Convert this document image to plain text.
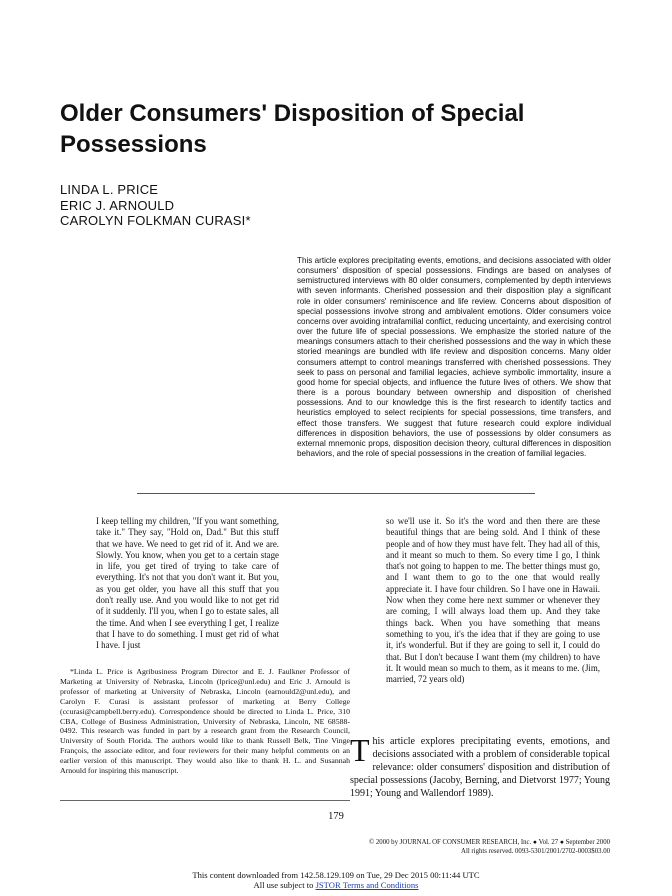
Older Consumers' Disposition of Special Possessions
LINDA L. PRICE
ERIC J. ARNOULD
CAROLYN FOLKMAN CURASI*

This article explores precipitating events, emotions, and decisions associated with older consumers' disposition of special possessions. Findings are based on analyses of semistructured interviews with 80 older consumers, complemented by depth interviews with seven informants. Cherished possession and their disposition play a significant role in older consumers' reminiscence and life review. Concerns about disposition of special possessions involve strong and ambivalent emotions. Older consumers voice concerns over avoiding intrafamilial conflict, reducing uncertainty, and exercising control over the future life of special possessions. We emphasize the storied nature of the meanings consumers attach to their cherished possessions and the way in which these storied meanings are bundled with life review and disposition concerns. Many older consumers attempt to control meanings transferred with cherished possessions. They seek to pass on personal and familial legacies, achieve symbolic immortality, insure a good home for special objects, and influence the future lives of others. We show that there is a porous boundary between ownership and disposition of cherished possessions. And to our knowledge this is the first research to identify tactics and heuristics employed to select recipients for special possessions, time transfers, and effect those transfers. We suggest that future research could explore individual differences in disposition behaviors, the use of possessions by older consumers as external mnemonic props, disposition decision theory, cultural differences in disposition behaviors, and the role of special possessions in the creation of familial legacies.

I keep telling my children, "If you want something, take it." They say, "Hold on, Dad." But this stuff that we have. We need to get rid of it. And we are. Slowly. You know, when you get to a certain stage in life, you get tired of trying to take care of everything. It's not that you don't want it. But you, as you get older, you have all this stuff that you don't really use. And you would like to not get rid of it suddenly. I'll you, when I go to estate sales, all the time. And when I see everything I get, I realize that I have to do something. I must get rid of what I have. I just

so we'll use it. So it's the word and then there are these beautiful things that are being sold. And I think of these people and of how they must have felt. They had all of this, and it meant so much to them. So every time I go, I think that's not going to happen to me. The better things must go, and I want them to go to the one that would really appreciate it. I have four children. So I have one in Hawaii. Now when they come here next summer or whenever they are coming, I will always load them up. And they take things back. When you have something that means something to you, it's the idea that if they are going to use it, it's wonderful. But if they are going to sell it, I could do that. But I don't because I want them (my children) to have it. It would mean so much to them, as it means to me. (Jim, married, 72 years old)

*Linda L. Price is Agribusiness Program Director and E. J. Faulkner Professor of Marketing at University of Nebraska, Lincoln (lprice@unl.edu) and Eric J. Arnould is professor of marketing at University of Nebraska, Lincoln (earnould2@unl.edu), and Carolyn F. Curasi is assistant professor of marketing at Berry College (ccurasi@campbell.berry.edu). Correspondence should be directed to Linda L. Price, 310 CBA, College of Business Administration, University of Nebraska, Lincoln, NE 68588-0492. This research was funded in part by a research grant from the Research Council, University of South Florida. The authors would like to thank Russell Belk, Tine Vinge François, the associate editor, and four reviewers for their many helpful comments on an earlier version of this manuscript. They would also like to thank H. L. and Susannah Arnould for inspiring this manuscript.

This article explores precipitating events, emotions, and decisions associated with a problem of considerable topical relevance: older consumers' disposition and distribution of special possessions (Jacoby, Berning, and Dietvorst 1977; Young 1991; Young and Wallendorf 1989).
179
© 2000 by JOURNAL OF CONSUMER RESEARCH, Inc. ● Vol. 27 ● September 2000
All rights reserved. 0093-5301/2001/2702-0003$03.00
This content downloaded from 142.58.129.109 on Tue, 29 Dec 2015 00:11:44 UTC
All use subject to JSTOR Terms and Conditions
